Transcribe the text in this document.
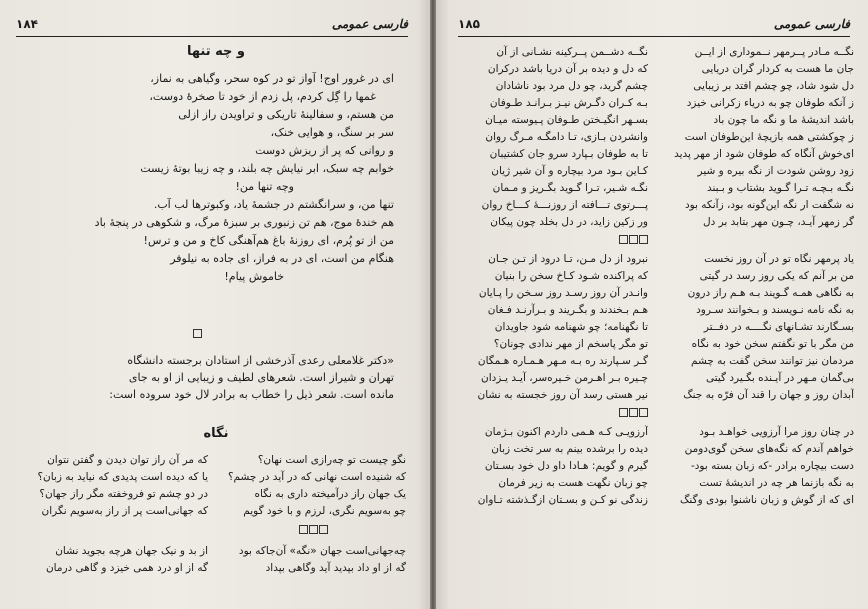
فارسی عمومی
۱۸۴
و چه تنها
ای در غرور اوج! آواز تو در کوه سحر، وگیاهی به نماز،
غمها را گِل کردم، پل زدم از خود تا صخرهٔ دوست،
من هستم، و سفالینهٔ تاریکی و تراویدن راز ازلی
سر بر سنگ، و هوایی خنک،
و روانی که پر از ریزش دوست
خوابم چه سبک، ابر نیایش چه بلند، و چه زیبا بوتهٔ زیست
وچه تنها من!
تنها من، و سرانگشتم در جشمهٔ یاد، وکبوترها لب آب.
هم خندهٔ موج، هم تن زنبوری بر سبزهٔ مرگ، و شکوهی در پنجهٔ باد
من از تو پُرم، ای روزنهٔ باغ هم‌آهنگی کاخ و من و ترس!
هنگام من است، ای در به فراز، ای جاده به نیلوفر
خاموش پیام!
«دکتر غلامعلی رعدی آذرخشی از استادان برجسته دانشگاه
تهران و شیراز است. شعرهای لطیف و زیبایی از او به جای
مانده است. شعر ذیل را خطاب به برادر لال خود سروده است:
نگاه
نگو چیست تو چه‌رازی است نهان؟
که شنیده است نهانی که در آید در چشم؟
یک جهان راز درآمیخته داری به نگاه
چو به‌سویم نگری، لرزم و با خود گویم
چه‌جهانی‌است جهان «نگه» آن‌جاکه بود
گه از او داد بپدید آید وگاهی بپداد
که مر آن راز توان دیدن و گفتن نتوان
یا که دیده است پدیدی که نیاید به زبان؟
در دو چشم تو فروخفته مگر راز جهان؟
که جهانی‌است پر از راز به‌سویم نگران
از بد و نیک جهان هرچه بجوید نشان
گه از او درد همی خیزد و گاهی درمان
فارسی عمومی
۱۸۵
نگــه مـادر پــرمهر نــموداری از ایــن
جان ما هست به کردار گران دریایی
دل شود شاد، چو چشم افتد بر زیبایی
ز آنکه طوفان چو به دریاء زکرانی خیزد
باشد اندیشهٔ ما و نگه ما چون باد
ز چوکشتی همه بازیچهٔ این‌طوفان است
ای‌خوش آنگاه که طوفان شود از مهر پدید
زود روشن شودت از نگه بیره و شیر
نگـه بـچـه تـرا گـوید بشتاب و بـبند
نه شگفت ار نگه این‌گونه بود، زآنکه بود
گر زمهر آیـد، چـون مهر بتابد بر دل
یاد پرمهر نگاه تو در آن روز نخست
من بر آنم که یکی روز رسد در گیتی
به نگاهی همـه گـویند بـه هـم راز درون
به نگه نامه نـویسند و بـخوانند سـرود
بسـگارند تشـانهای نگــــه در دفــتر
من مگر با تو نگفتم سخن خود به نگاه
مردمان نیز توانند سخن گفت به چشم
بی‌گمان مـهر در آیـنده بگـیرد گیتی
آبدان روز و جهان را قند آن فرّه به جنگ
در چنان روز مرا آرزویی خواهـد بـود
خواهم آندم که نگه‌های سخن گوی‌دومن
دست بیچاره برادر -که زبان بسته بود-
به نگه بازنما هر چه در اندیشهٔ تست
ای که از گوش و زبان ناشنوا بودی وگنگ
نگــه دشــمن پــرکینه نشـانی از آن
که دل و دیده بر آن دریا باشد درکران
چشم گرید، چو دل مرد بود ناشادان
بـه کـران دگـرش نیـز بـرانـد طـوفان
بسـهر انگیـختن طـوفان پـیوسته میـان
وانشردن بـازی، تـا دامگـه مـرگ روان
تا به طوفان بـپارد سرو جان کشتیبان
کـاین بـود مرد بیچاره و آن شیر ژیان
نگـه شـیر، تـرا گـوید بگـریز و مـمان
پـــرتوی تـــافته از روزنـــهٔ کـــاخ روان
ور زکین زاید، در دل بخلد چون پیکان
نبرود از دل مـن، تـا درود از تـن جـان
که پراکنده شـود کـاخ سخن را بنیان
وانـدر آن روز رسـد روز سـخن را پـایان
هـم بـخندند و بگـریند و بـرآرنـد فـغان
تا نگهنامه؛ چو شهنامه شود جاویدان
تو مگر پاسخم از مهر ندادی چونان؟
گـر سـپارند ره بـه مـهر هـمـاره هـمگان
چـیره بـر اهـرمن خـیره‌سر، آیـد یـزدان
نیر هستی رسد آن روز خجسته به نشان
آرزویـی کـه هـمی داردم اکنون بـژمان
دیده را برشده بینم به سر تخت زبان
گیرم و گویم: هـادا داو دل خود بسـتان
چو زبان نگهت هست به زیر فرمان
زندگی نو کـن و بسـتان ازگـذشته تـاوان
